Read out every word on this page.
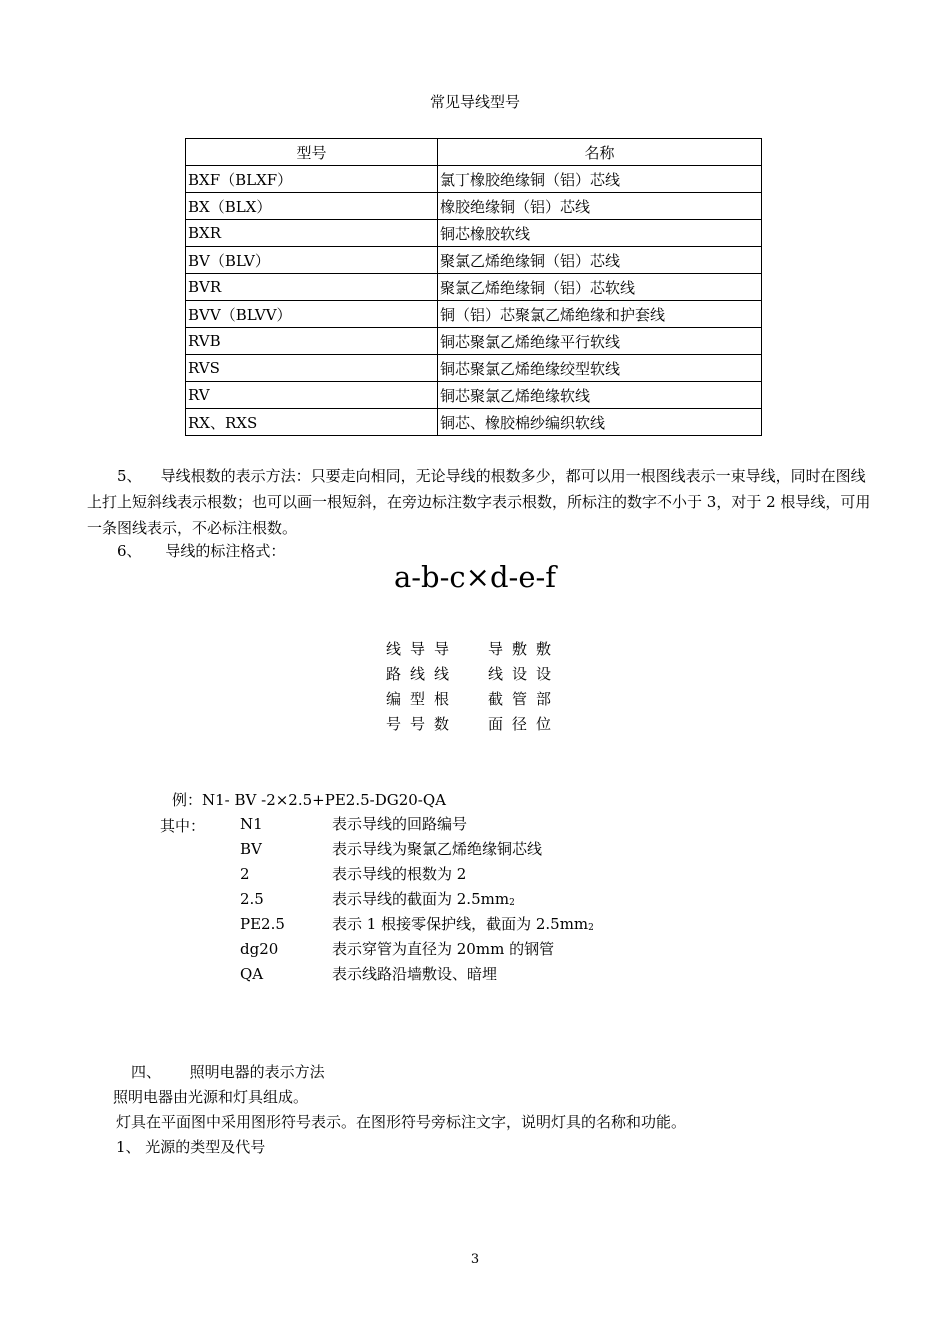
常见导线型号
型号	名称
BXF（BLXF）	氯丁橡胶绝缘铜（铝）芯线
BX（BLX）	橡胶绝缘铜（铝）芯线
BXR	铜芯橡胶软线
BV（BLV）	聚氯乙烯绝缘铜（铝）芯线
BVR	聚氯乙烯绝缘铜（铝）芯软线
BVV（BLVV）	铜（铝）芯聚氯乙烯绝缘和护套线
RVB	铜芯聚氯乙烯绝缘平行软线
RVS	铜芯聚氯乙烯绝缘绞型软线
RV	铜芯聚氯乙烯绝缘软线
RX、RXS	铜芯、橡胶棉纱编织软线
5、 导线根数的表示方法：只要走向相同，无论导线的根数多少，都可以用一根图线表示一束导线，同时在图线上打上短斜线表示根数；也可以画一根短斜，在旁边标注数字表示根数，所标注的数字不小于 3，对于 2 根导线，可用一条图线表示，不必标注根数。
6、 导线的标注格式：
a-b-c×d-e-f
线 导 导	导 敷 敷
路 线 线	线 设 设
编 型 根	截 管 部
号 号 数	面 径 位
例：N1- BV -2×2.5+PE2.5-DG20-QA
其中： N1	表示导线的回路编号
BV	表示导线为聚氯乙烯绝缘铜芯线
2	表示导线的根数为 2
2.5	表示导线的截面为 $2.5mm_2$
PE2.5	表示 1 根接零保护线，截面为 $2.5mm_2$
dg20	表示穿管为直径为 20mm 的钢管
QA	表示线路沿墙敷设、暗埋
四、 照明电器的表示方法
照明电器由光源和灯具组成。
灯具在平面图中采用图形符号表示。在图形符号旁标注文字，说明灯具的名称和功能。
1、 光源的类型及代号
3
